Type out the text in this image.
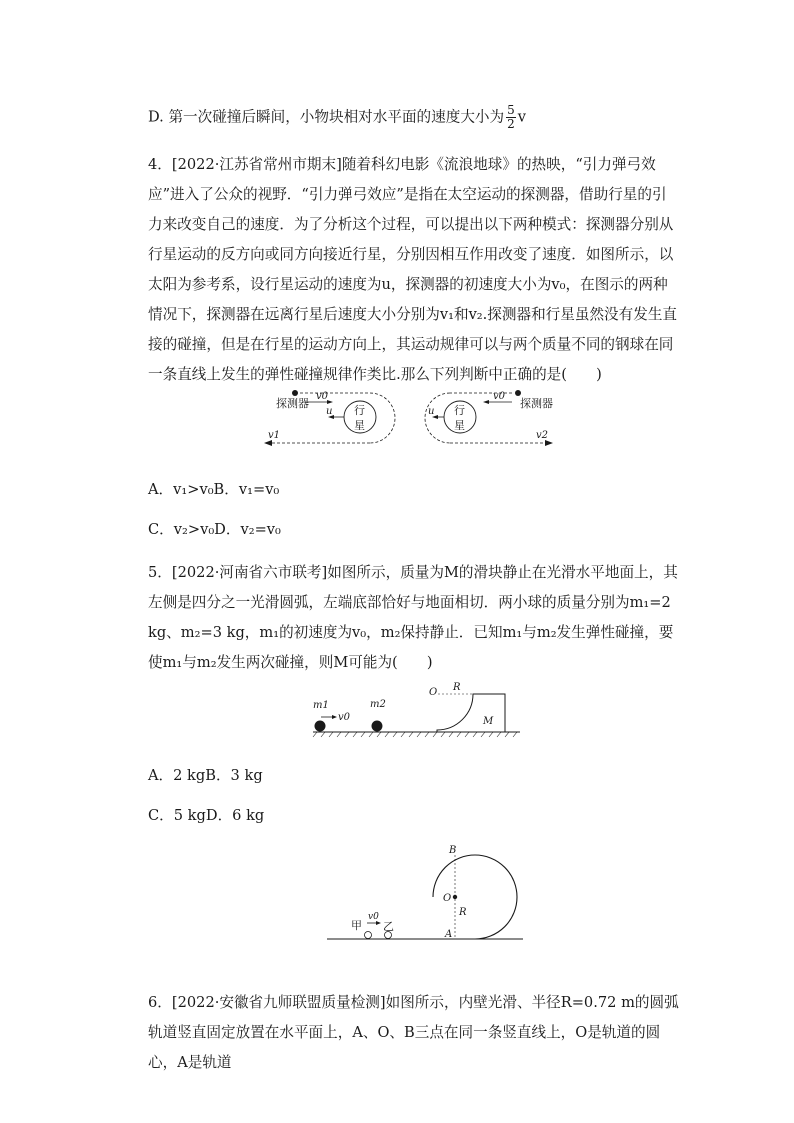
D. 第一次碰撞后瞬间，小物块相对水平面的速度大小为 $\frac{5}{2}$ v
4．[2022·江苏省常州市期末]随着科幻电影《流浪地球》的热映，“引力弹弓效应”进入了公众的视野．“引力弹弓效应”是指在太空运动的探测器，借助行星的引力来改变自己的速度．为了分析这个过程，可以提出以下两种模式：探测器分别从行星运动的反方向或同方向接近行星，分别因相互作用改变了速度．如图所示，以太阳为参考系，设行星运动的速度为u，探测器的初速度大小为v₀，在图示的两种情况下，探测器在远离行星后速度大小分别为v₁和v₂.探测器和行星虽然没有发生直接的碰撞，但是在行星的运动方向上，其运动规律可以与两个质量不同的钢球在同一条直线上发生的弹性碰撞规律作类比.那么下列判断中正确的是(　　)
v0
探测器
行
星
u
v1
v0
探测器
行
星
u
v2
A．v₁>v₀B．v₁=v₀
C．v₂>v₀D．v₂=v₀
5．[2022·河南省六市联考]如图所示，质量为M的滑块静止在光滑水平地面上，其左侧是四分之一光滑圆弧，左端底部恰好与地面相切．两小球的质量分别为m₁=2 kg、m₂=3 kg，m₁的初速度为v₀，m₂保持静止．已知m₁与m₂发生弹性碰撞，要使m₁与m₂发生两次碰撞，则M可能为(　　)
m1
v0
m2
O R
M
A．2 kgB．3 kg
C．5 kgD．6 kg
B
O
R
A
甲 乙
v0
6．[2022·安徽省九师联盟质量检测]如图所示，内壁光滑、半径R=0.72 m的圆弧轨道竖直固定放置在水平面上，A、O、B三点在同一条竖直线上，O是轨道的圆心，A是轨道
